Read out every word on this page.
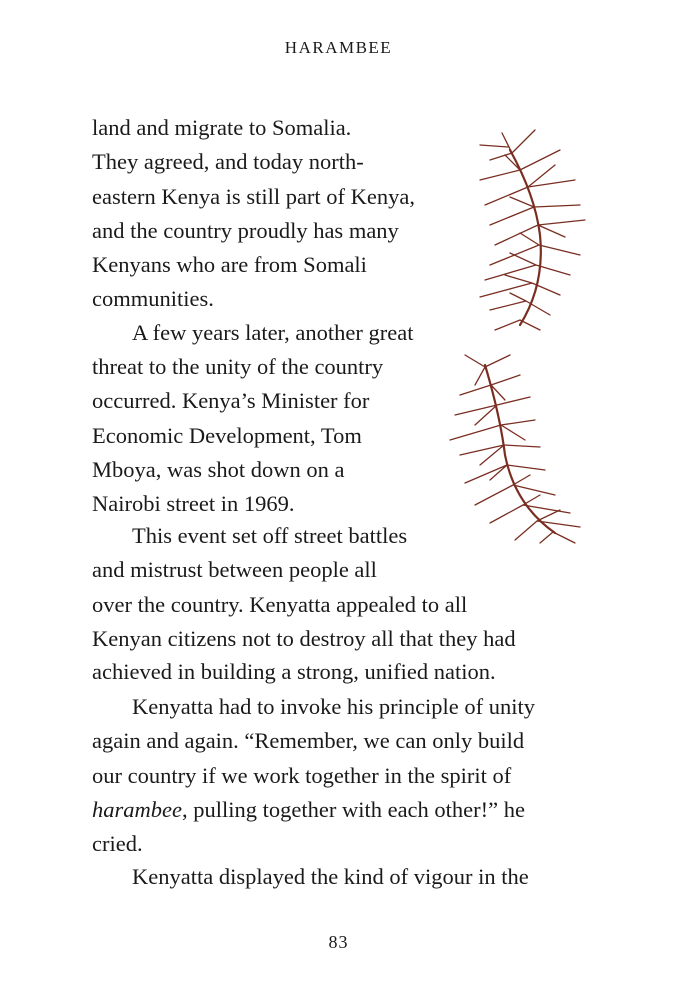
HARAMBEE
land and migrate to Somalia.
They agreed, and today north-
eastern Kenya is still part of Kenya,
and the country proudly has many
Kenyans who are from Somali
communities.
A few years later, another great
threat to the unity of the country
occurred. Kenya’s Minister for
Economic Development, Tom
Mboya, was shot down on a
Nairobi street in 1969.
This event set off street battles
and mistrust between people all
over the country. Kenyatta appealed to all
Kenyan citizens not to destroy all that they had
achieved in building a strong, unified nation.
Kenyatta had to invoke his principle of unity
again and again. “Remember, we can only build
our country if we work together in the spirit of
harambee, pulling together with each other!” he
cried.
Kenyatta displayed the kind of vigour in the
83
